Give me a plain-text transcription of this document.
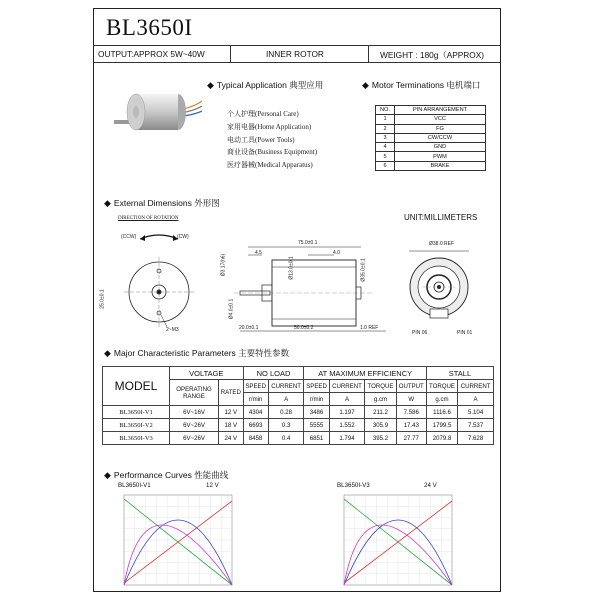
BL3650I
OUTPUT:APPROX 5W~40W	INNER ROTOR	WEIGHT : 180g（APPROX)
◆ Typical Application 典型应用
个人护理(Personal Care)
家用电器(Home Application)
电动工具(Power Tools)
商业设备(Business Equipment)
医疗器械(Medical Apparatus)
◆ Motor Terminations 电机端口
NO.	PIN ARRANGEMENT
1	VCC
2	FG
3	CW/CCW
4	GND
5	PWM
6	BRAKE
◆ External Dimensions 外形图
UNIT:MILLIMETERS
DIRECTION OF ROTATION
(CCW)	(CW)
25.0±0.1
2~M3
75.0±0.1
4.5	4.0
Ø3.17(h6)	Ø35.0±0.1
Ø4.0±0.1
20.0±0.1	50.0±0.2	1.0 REF
Ø13.0±0.1
Ø38.0 REF
PIN 06	PIN 01
◆ Major Characteristic Parameters 主要特性参数
MODEL	VOLTAGE		NO LOAD		AT MAXIMUM EFFICIENCY				STALL	
	OPERATING RANGE	RATED	SPEED	CURRENT	SPEED	CURRENT	TORQUE	OUTPUT	TORQUE	CURRENT
			r/min	A	r/min	A	g.cm	W	g.cm	A
BL3650I-V1	6V~16V	12 V	4304	0.28	3486	1.197	211.2	7.586	1116.6	5.104
BL3650I-V2	6V~26V	18 V	6693	0.3	5555	1.552	305.9	17.43	1799.5	7.537
BL3650I-V3	6V~26V	24 V	8458	0.4	6851	1.794	395.2	27.77	2079.8	7.628
◆ Performance Curves 性能曲线
BL3650I-V1	12 V	BL3650I-V3	24 V
